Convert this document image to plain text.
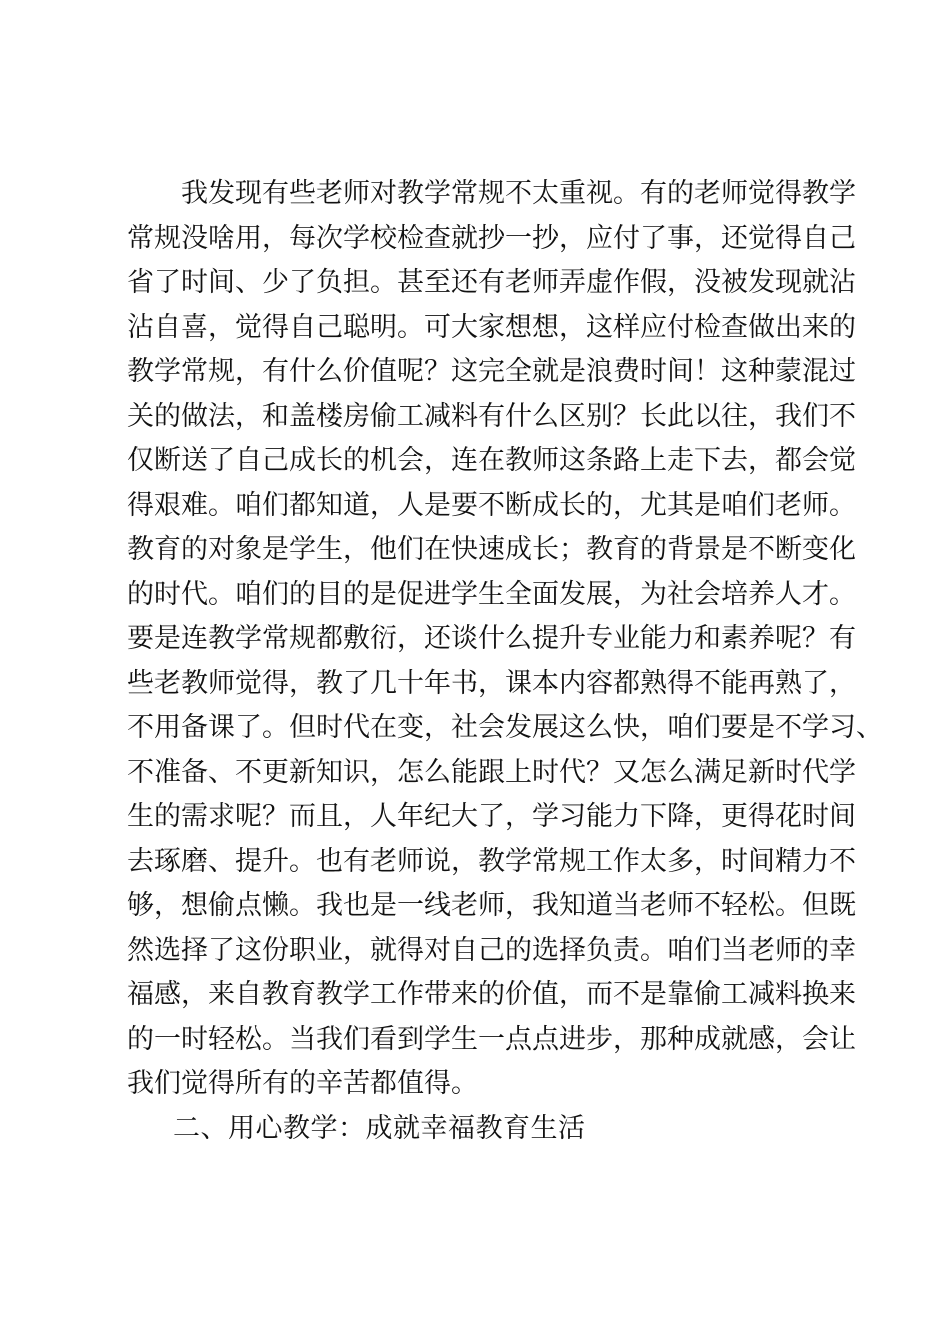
我发现有些老师对教学常规不太重视。有的老师觉得教学
常规没啥用，每次学校检查就抄一抄，应付了事，还觉得自己
省了时间、少了负担。甚至还有老师弄虚作假，没被发现就沾
沾自喜，觉得自己聪明。可大家想想，这样应付检查做出来的
教学常规，有什么价值呢？这完全就是浪费时间！这种蒙混过
关的做法，和盖楼房偷工减料有什么区别？长此以往，我们不
仅断送了自己成长的机会，连在教师这条路上走下去，都会觉
得艰难。咱们都知道，人是要不断成长的，尤其是咱们老师。
教育的对象是学生，他们在快速成长；教育的背景是不断变化
的时代。咱们的目的是促进学生全面发展，为社会培养人才。
要是连教学常规都敷衍，还谈什么提升专业能力和素养呢？有
些老教师觉得，教了几十年书，课本内容都熟得不能再熟了，
不用备课了。但时代在变，社会发展这么快，咱们要是不学习、
不准备、不更新知识，怎么能跟上时代？又怎么满足新时代学
生的需求呢？而且，人年纪大了，学习能力下降，更得花时间
去琢磨、提升。也有老师说，教学常规工作太多，时间精力不
够，想偷点懒。我也是一线老师，我知道当老师不轻松。但既
然选择了这份职业，就得对自己的选择负责。咱们当老师的幸
福感，来自教育教学工作带来的价值，而不是靠偷工减料换来
的一时轻松。当我们看到学生一点点进步，那种成就感，会让
我们觉得所有的辛苦都值得。
二、用心教学：成就幸福教育生活
